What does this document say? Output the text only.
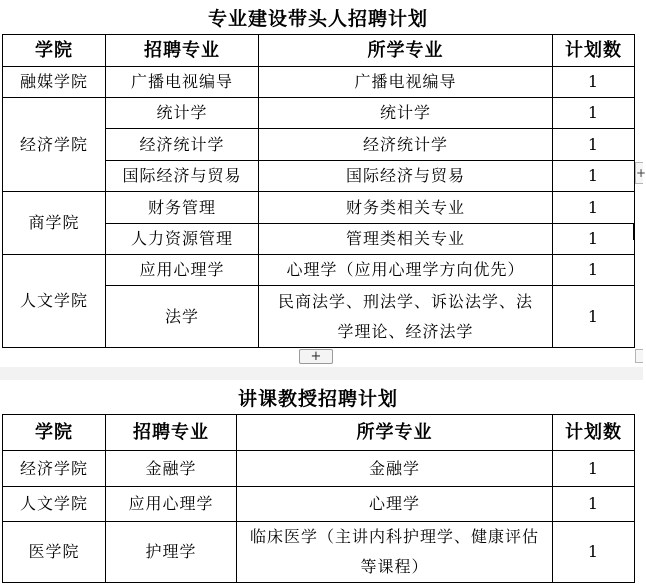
专业建设带头人招聘计划
学院	招聘专业	所学专业	计划数
融媒学院	广播电视编导	广播电视编导	1
经济学院	统计学	统计学	1
	经济统计学	经济统计学	1
	国际经济与贸易	国际经济与贸易	1
商学院	财务管理	财务类相关专业	1
	人力资源管理	管理类相关专业	1
人文学院	应用心理学	心理学（应用心理学方向优先）	1
	法学	民商法学、刑法学、诉讼法学、法学理论、经济法学	1
+
讲课教授招聘计划
学院	招聘专业	所学专业	计划数
经济学院	金融学	金融学	1
人文学院	应用心理学	心理学	1
医学院	护理学	临床医学（主讲内科护理学、健康评估等课程）	1
+
